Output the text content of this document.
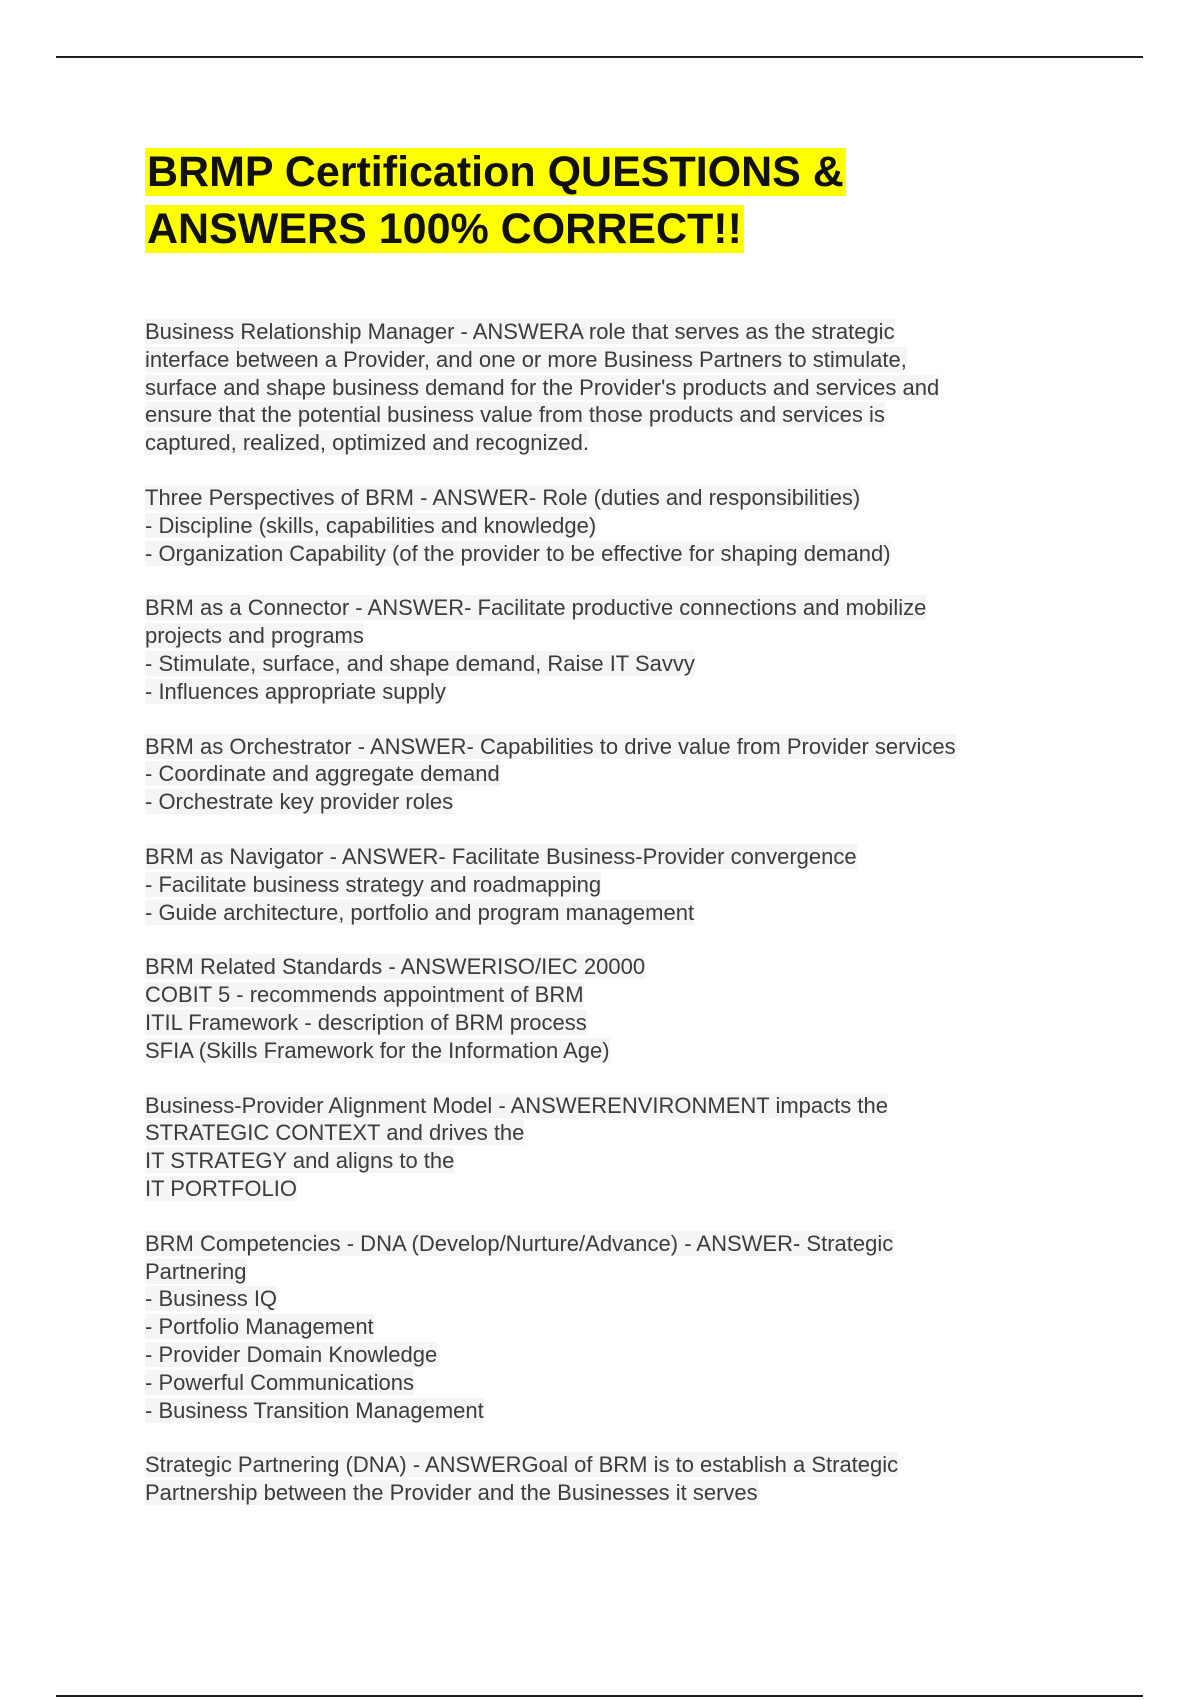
BRMP Certification QUESTIONS &
ANSWERS 100% CORRECT!!

Business Relationship Manager - ANSWERA role that serves as the strategic
interface between a Provider, and one or more Business Partners to stimulate,
surface and shape business demand for the Provider's products and services and
ensure that the potential business value from those products and services is
captured, realized, optimized and recognized.

Three Perspectives of BRM - ANSWER- Role (duties and responsibilities)
- Discipline (skills, capabilities and knowledge)
- Organization Capability (of the provider to be effective for shaping demand)

BRM as a Connector - ANSWER- Facilitate productive connections and mobilize
projects and programs
- Stimulate, surface, and shape demand, Raise IT Savvy
- Influences appropriate supply

BRM as Orchestrator - ANSWER- Capabilities to drive value from Provider services
- Coordinate and aggregate demand
- Orchestrate key provider roles

BRM as Navigator - ANSWER- Facilitate Business-Provider convergence
- Facilitate business strategy and roadmapping
- Guide architecture, portfolio and program management

BRM Related Standards - ANSWERISO/IEC 20000
COBIT 5 - recommends appointment of BRM
ITIL Framework - description of BRM process
SFIA (Skills Framework for the Information Age)

Business-Provider Alignment Model - ANSWERENVIRONMENT impacts the
STRATEGIC CONTEXT and drives the
IT STRATEGY and aligns to the
IT PORTFOLIO

BRM Competencies - DNA (Develop/Nurture/Advance) - ANSWER- Strategic
Partnering
- Business IQ
- Portfolio Management
- Provider Domain Knowledge
- Powerful Communications
- Business Transition Management

Strategic Partnering (DNA) - ANSWERGoal of BRM is to establish a Strategic
Partnership between the Provider and the Businesses it serves
